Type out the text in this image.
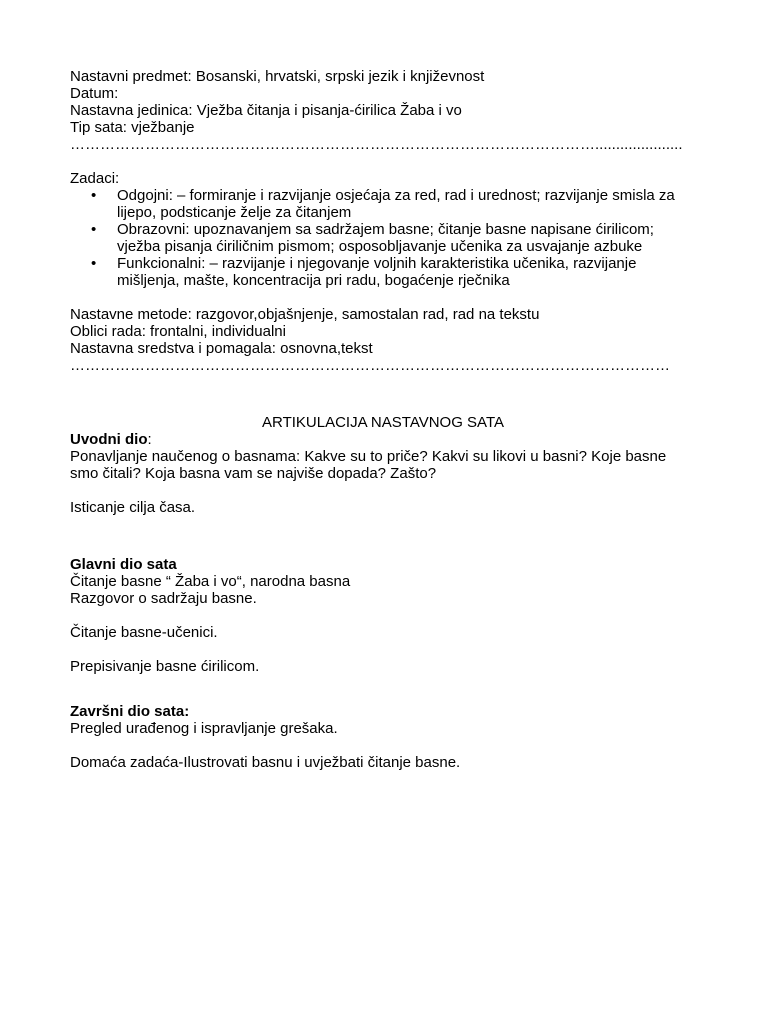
Nastavni predmet: Bosanski, hrvatski, srpski jezik i književnost
Datum:
Nastavna jedinica: Vježba čitanja i pisanja-ćirilica Žaba i vo
Tip sata: vježbanje
…………………………………………………………………………………………….....................
Zadaci:
• Odgojni: – formiranje i razvijanje osjećaja za red, rad i urednost; razvijanje smisla za lijepo, podsticanje želje za čitanjem
• Obrazovni: upoznavanjem sa sadržajem basne; čitanje basne napisane ćirilicom; vježba pisanja ćiriličnim pismom; osposobljavanje učenika za usvajanje azbuke
• Funkcionalni: – razvijanje i njegovanje voljnih karakteristika učenika, razvijanje mišljenja, mašte, koncentracija pri radu, bogaćenje rječnika
Nastavne metode: razgovor,objašnjenje, samostalan rad, rad na tekstu
Oblici rada: frontalni, individualni
Nastavna sredstva i pomagala: osnovna,tekst
…………………………………………………………………………………………………………
ARTIKULACIJA NASTAVNOG SATA
Uvodni dio:
Ponavljanje naučenog o basnama: Kakve su to priče? Kakvi su likovi u basni? Koje basne smo čitali? Koja basna vam se najviše dopada? Zašto?
Isticanje cilja časa.
Glavni dio sata
Čitanje basne “ Žaba i vo“, narodna basna
Razgovor o sadržaju basne.
Čitanje basne-učenici.
Prepisivanje basne ćirilicom.
Završni dio sata:
Pregled urađenog i ispravljanje grešaka.
Domaća zadaća-Ilustrovati basnu i uvježbati čitanje basne.
